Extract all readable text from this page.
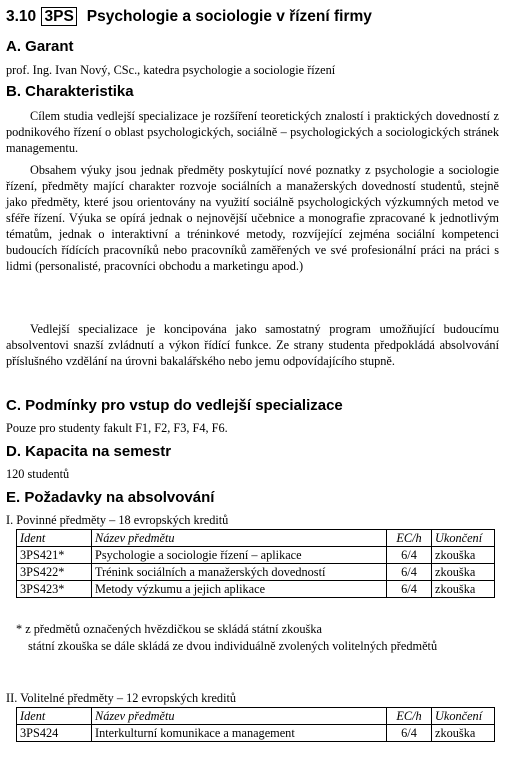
3.10 3PS Psychologie a sociologie v řízení firmy
A. Garant
prof. Ing. Ivan Nový, CSc., katedra psychologie a sociologie řízení
B. Charakteristika
Cílem studia vedlejší specializace je rozšíření teoretických znalostí i praktických dovedností z podnikového řízení o oblast psychologických, sociálně – psychologických a sociologických stránek managementu.
Obsahem výuky jsou jednak předměty poskytující nové poznatky z psychologie a sociologie řízení, předměty mající charakter rozvoje sociálních a manažerských dovedností studentů, stejně jako předměty, které jsou orientovány na využití sociálně psychologických výzkumných metod ve sféře řízení. Výuka se opírá jednak o nejnovější učebnice a monografie zpracované k jednotlivým tématům, jednak o interaktivní a tréninkové metody, rozvíjející zejména sociální kompetenci budoucích řídících pracovníků nebo pracovníků zaměřených ve své profesionální práci na práci s lidmi (personalisté, pracovníci obchodu a marketingu apod.)
Vedlejší specializace je koncipována jako samostatný program umožňující budoucímu absolventovi snazší zvládnutí a výkon řídící funkce. Ze strany studenta předpokládá absolvování příslušného vzdělání na úrovni bakalářského nebo jemu odpovídajícího stupně.
C. Podmínky pro vstup do vedlejší specializace
Pouze pro studenty fakult F1, F2, F3, F4, F6.
D. Kapacita na semestr
120 studentů
E. Požadavky na absolvování
I. Povinné předměty – 18 evropských kreditů
Ident	Název předmětu	EC/h	Ukončení
3PS421*	Psychologie a sociologie řízení – aplikace	6/4	zkouška
3PS422*	Trénink sociálních a manažerských dovedností	6/4	zkouška
3PS423*	Metody výzkumu a jejich aplikace	6/4	zkouška
* z předmětů označených hvězdičkou se skládá státní zkouška
státní zkouška se dále skládá ze dvou individuálně zvolených volitelných předmětů
II. Volitelné předměty – 12 evropských kreditů
Ident	Název předmětu	EC/h	Ukončení
3PS424	Interkulturní komunikace a management	6/4	zkouška
